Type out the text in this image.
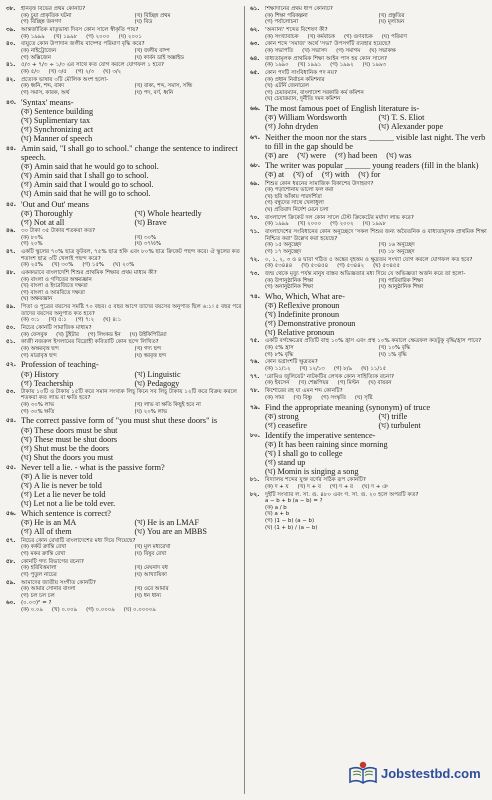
৩৮. হীনবৃত্ত বিভের প্রথম কোনটি?
(ক) চুয়া প্রাকৃতিক ঘটনা	(খ) বিচ্ছিন্ন প্রথম
(গ) বিচ্ছিন্ন জনগণ	(ঘ) বিড
৩৯. আন্তর্জাতিক মাতৃভাষা দিবস কোন সালে স্বীকৃতি পায়?
(ক) ১৯৯৯ (খ) ১৯৯৮ (গ) ২০০০ (ঘ) ২০০১
৪০. বায়ুতে কোন উপাদান জলীয় বাষ্পের পরিমাণ বৃদ্ধি করে?
(ক) নাইট্রোজেন	(খ) জলীয় বাষ্প
(গ) অক্সিজেন	(ঘ) কার্বন ডাই অক্সাইড
৪১.	৫/৩ + ৭/৩ ÷ ১/৩ এর সাথে কত যোগ করলে যোগফল ১ হবে?
(ক) ৫/৩ (খ) ৩/৫ (গ) ২/৩ (ঘ) ৩/২
৪২. প্রত্যেক ভাষার ৩টি মৌলিক অংশ হলো-
(ক) ধ্বনি, শব্দ, বাক্য	(খ) বাক্য, শব্দ, সমাস, সন্ধি
(গ) সমাস, কারক, অর্থ	(ঘ) পদ, বর্ণ, ধ্বনি
৪৩. 'Syntax' means-
(ক) Sentence building
(খ) Suplimentary tax
(গ) Synchronizing act
(ঘ) Manner of speech
৪৪. Amin said, "I shall go to school." change the sentence to indirect speech.
(ক) Amin said that he would go to school.
(খ) Amin said that I shall go to school.
(গ) Amin said that I would go to school.
(ঘ) Amin said that he will go to school.
৪৫. 'Out and Out' means
(ক) Thoroughly	(খ) Whole heartedly
(গ) Not at all	(ঘ) Brave
৪৬. ৩০ টাকা ৩৫ টাকার শতকরা কত?
(ক) ৮০%	(খ) ৩০%
(গ) ২০%	(ঘ) ৩৭½%
৪৭. একটি স্কুলের ৭০% ছাত্র ফুটবল, ৭৫% ছাত্র হকি এবং ৮০% ছাত্র ক্রিকেট পছন্দ করে। ঐ স্কুলের কত শতাংশ ছাত্র ৩টি খেলাই পছন্দ করে?
(ক) ২৫% (খ) ৩০% (গ) ১৫% (ঘ) ২০%
৪৮.	এককভাবে বাংলাদেশি শিশুর প্রাথমিক শিক্ষার প্রথম মাধ্যম কী?
(ক) বাংলা ও গণিতের অক্ষরজ্ঞান
(খ) বাংলা ও ইংরেজিতে দক্ষতা
(গ) বাংলা ও আরবিতে দক্ষতা
(ঘ) অক্ষরজ্ঞান
৪৯.	পিতা ও পুত্রের বয়সের সমষ্টি ৭০ বছর। ৫ বছর আগে তাদের বয়সের অনুপাত ছিল ৬:১। ৫ বছর পরে তাদের বয়সের অনুপাত কত হবে?
(ক) ৩:১ (খ) ৫:১ (গ) ৭:২ (ঘ) ৪:১
৫০. নিচের কোনটি সামাজিক মাধ্যম?
(ক) ফেসবুক (খ) টুইটার (গ) লিংকড ইন (ঘ) উইকিপিডিয়া
৫১.	কাজী নজরুল ইসলামের বিদ্রোহী কবিতাটি কোন ছন্দে লিখিত?
(ক) অক্ষরবৃত্ত ছন্দ	(খ) গদ্য ছন্দ
(গ) মাত্রাবৃত্ত ছন্দ	(ঘ) স্বরবৃত্ত ছন্দ
৫২. Profession of teaching-
(ক) History	(খ) Linguistic
(গ) Teachership	(ঘ) Pedagogy
৫৩. টাকায় ১০টি ও টাকায় ১৫টি করে সমান সংখ্যক লিচু কিনে সব লিচু টাকায় ১২টি করে বিক্রয় করলে শতকরা কত লাভ বা ক্ষতি হবে?
(ক) ৩০% লাভ	(খ) লাভ বা ক্ষতি কিছুই হবে না
(গ) ৩০% ক্ষতি	(ঘ) ২০% লাভ
৫৪. The correct passive form of "you must shut these doors" is
(ক) These doors must be shut
(খ) These must be shut doors
(গ) Shut must be the doors
(ঘ) Shut the doors you must
৫৫. Never tell a lie. - what is the passive form?
(ক) A lie is never told
(খ) A lie is never be told
(গ) Let a lie never be told
(ঘ) Let not a lie be told ever.
৫৬. Which sentence is correct?
(ক) He is an MA	(খ) He is an LMAF
(গ) All of them	(ঘ) You are an MBBS
৫৭. নিচের কোন রেখাটি বাংলাদেশের মধ্য দিয়ে গিয়েছে?
(ক) কর্কট ক্রান্তি রেখা	(খ) মূল মধ্যরেখা
(গ) মকর ক্রান্তি রেখা	(ঘ) বিষুব রেখা
৫৮.	কোনটি গদ্য বিভাগের রচনা?
(ক) হরিবিত্তমালা	(খ) মেঘনাদ বধ
(গ) পুতুল নাচের	(ঘ) আখ্যায়িকা
৫৯.	আমাদের জাতীয় সংগীত কোনটি?
(ক) আমার সোনার বাংলা	(খ) ওরে আমার
(গ) চল চল চল	(ঘ) ধন ধান্য
৬০. (০.০৩)² = ?
(ক) ০.০৯ (খ) ০.০০৯ (গ) ০.০০০৯ (ঘ) ০.০০০০৯
৬১. শিক্ষাদানের প্রথম ধাপ কোনটি?
(ক) শিক্ষা পরিকল্পনা	(খ) প্রস্তুতির
(গ) পর্যালোচনা	(ঘ) মূল্যায়ন
৬২. 'অন্যান্য' শব্দের বিশেষণ কী?
(ক) সংখ্যাবাচক (খ) কর্মবাচক (গ) গুণবাচক (ঘ) পরিমাণ
৬৩. কোন শব্দে 'সমাজ' অর্থে 'সভা' উপসর্গটি ব্যবহার হয়েছে?
(ক) সভাপতি (খ) সভাসদ (গ) সমাগম (ঘ) সভাকক্ষ
৬৪. বাধ্যতামূলক প্রাথমিক শিক্ষা আইন পাস হয় কোন সালে?
(ক) ১৯৯০ (খ) ১৯৯১ (গ) ১৯৯২ (ঘ) ১৯৯৩
৬৫. কোন পদটি সাংবিধানিক পদ নয়?
(ক) প্রধান নির্বাচন কমিশনার
(খ) এটর্নি জেনারেল
(গ) চেয়ারম্যান, বাংলাদেশ সরকারি কর্ম কমিশন
(ঘ) চেয়ারম্যান, দুর্নীতি দমন কমিশন
৬৬. The most famous poet of English literature is-
(ক) William Wordsworth	(খ) T. S. Eliot
(গ) John dryden	(ঘ) Alexander pope
৬৭. Neither the moon nor the stars ______ visible last night. The verb to fill in the gap should be
(ক) are (খ) were (গ) had been (ঘ) was
৬৮. The writer was popular ______ young readers (fill in the blank)
(ক) at (খ) of (গ) with (ঘ) for
৬৯. শিশুর কোন ধরনের সামাজিক বিকাশের উদাহরণ?
(ক) পড়াশোনায় ভালো ফল করা
(খ) ছবি আঁকায় পারদর্শিতা
(গ) বন্ধুদের সাথে খেলাধুলা
(ঘ) প্রতিবাদ নির্দেশ মেনে চলা
৭০. বাংলাদেশ ক্রিকেট দল কোন সালে টেস্ট ক্রিকেটের মর্যাদা লাভ করে?
(ক) ১৯৯৯ (খ) ২০০০ (গ) ২০০২ (ঘ) ১৯৯৮
৭১. বাংলাদেশের সংবিধানের কোন অনুচ্ছেদে 'সকল শিশুর জন্য অবৈতনিক ও বাধ্যতামূলক প্রাথমিক শিক্ষা নিশ্চিত করা' উল্লেখ করা হয়েছে?
(ক) ১৫ অনুচ্ছেদ	(খ) ১৬ অনুচ্ছেদ
(গ) ১৭ অনুচ্ছেদ	(ঘ) ১৮ অনুচ্ছেদ
৭২. ০, ১, ২, ৩ ও ৪ দ্বারা গঠিত ৫ অঙ্কের বৃহত্তম ও ক্ষুদ্রতম সংখ্যা যোগ করলে যোগফল কত হবে?
(ক) ৫৩৪৪৪ (খ) ৫৩৪৫৪ (গ) ৫৩৪৪২ (ঘ) ৫৩৪৫৫
৭৩. জন্ম থেকে মৃত্যু পর্যন্ত মানুষ বাস্তব অভিজ্ঞতার মধ্য দিয়ে যে অভিজ্ঞতা অর্জন করে তা হলো-
(ক) উপানুষ্ঠানিক শিক্ষা	(খ) পারিবারিক শিক্ষা
(গ) অনানুষ্ঠানিক শিক্ষা	(ঘ) আনুষ্ঠানিক শিক্ষা
৭৪. Who, Which, What are-
(ক) Reflexive pronoun
(খ) Indefinite pronoun
(গ) Demonstrative pronoun
(ঘ) Relative pronoun
৭৫. একটি বর্গক্ষেত্রের প্রতিটি বাহু ১০% হ্রাস এবং প্রস্থ ১০% কমালে ক্ষেত্রফল কতটুকু বৃদ্ধি/হ্রাস পাবে?
(ক) ৫% হ্রাস	(খ) ১০% বৃদ্ধি
(গ) ৮% বৃদ্ধি	(ঘ) ১% বৃদ্ধি
৭৬. কোন ভগ্নাংশটি ক্ষুদ্রতম?
(ক) ১১/১২ (খ) ১২/১৩ (গ) ৮/৯ (ঘ) ১১/১৫
৭৭. 'রোমিও জুলিয়েট' নাটকটির লেখক কোন সাহিত্যিক রচনা?
(ক) ইবসেন (খ) শেক্সপিয়র (গ) মিল্টন (ঘ) বায়রন
৭৮. কিশোরের রহ যা এমন শব্দ কোনটি?
(ক) সাম্য (খ) বিষ্ণু (গ) সংস্কৃতি (ঘ) সৃষ্টি
৭৯. Find the appropriate meaning (synonym) of truce
(ক) strong	(খ) trifle
(গ) ceasefire	(ঘ) turbulent
৮০. Identify the imperative sentence-
(ক) It has been raining since morning
(খ) I shall go to college
(গ) stand up
(ঘ) Momin is singing a song
৮১.	বিদ্যালয় শব্দের যুক্ত বর্ণের সঠিক রূপ কোনটি?
(ক) দ + য (খ) দ + ব (গ) দ + র (ঘ) দ + ঞ
৮২. দুইটি সংখ্যার ল. সা. গু. ৪৮০ এবং গ. সা. গু. ২০ হলে অপরটি কত?
a − b + b (a − b) = ?
(ক) a / b
(খ) a + b
(গ) (1 − b) (a − b)
(ঘ) (1 + b) / (a − b)
Jobstestbd.com
